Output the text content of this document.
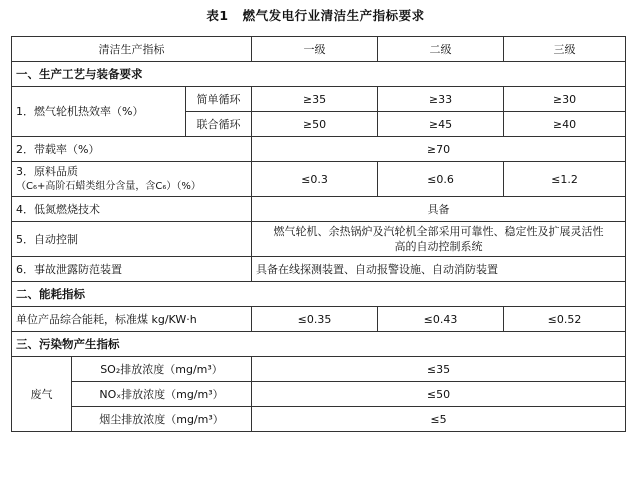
表1 燃气发电行业清洁生产指标要求
清洁生产指标			一级	二级	三级
一、生产工艺与装备要求					
1．燃气轮机热效率（%）		简单循环	≥35	≥33	≥30
		联合循环	≥50	≥45	≥40
2．带载率（%）			≥70		

3．原料品质
（C₆+高阶石蜡类组分含量，含C₆）（%）			≤0.3	≤0.6	≤1.2
4．低氮燃烧技术			具备		
5．自动控制			燃气轮机、余热锅炉及汽轮机全部采用可靠性、稳定性及扩展灵活性
高的自动控制系统		

6．事故泄露防范装置			具备在线探测装置、自动报警设施、自动消防装置		
二、能耗指标					
单位产品综合能耗，标准煤 kg/KW·h			≤0.35	≤0.43	≤0.52
三、污染物产生指标					
废气	SO₂排放浓度（mg/m³）		≤35		
	NOₓ排放浓度（mg/m³）		≤50		
	烟尘排放浓度（mg/m³）		≤5		
